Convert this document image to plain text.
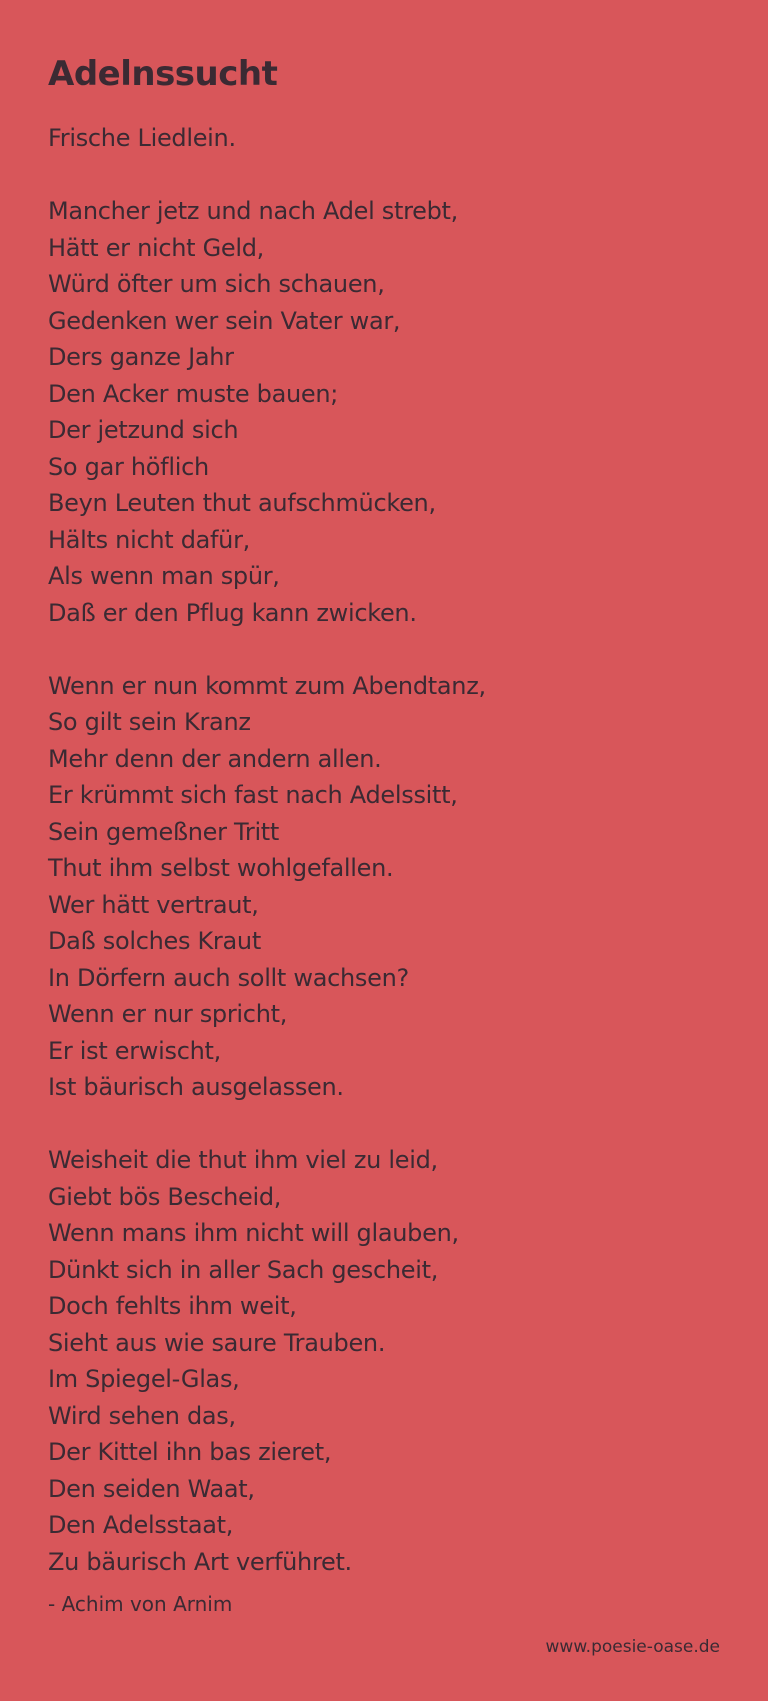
Adelnssucht
Frische Liedlein.
Mancher jetz und nach Adel strebt,
Hätt er nicht Geld,
Würd öfter um sich schauen,
Gedenken wer sein Vater war,
Ders ganze Jahr
Den Acker muste bauen;
Der jetzund sich
So gar höflich
Beyn Leuten thut aufschmücken,
Hälts nicht dafür,
Als wenn man spür,
Daß er den Pflug kann zwicken.
Wenn er nun kommt zum Abendtanz,
So gilt sein Kranz
Mehr denn der andern allen.
Er krümmt sich fast nach Adelssitt,
Sein gemeßner Tritt
Thut ihm selbst wohlgefallen.
Wer hätt vertraut,
Daß solches Kraut
In Dörfern auch sollt wachsen?
Wenn er nur spricht,
Er ist erwischt,
Ist bäurisch ausgelassen.
Weisheit die thut ihm viel zu leid,
Giebt bös Bescheid,
Wenn mans ihm nicht will glauben,
Dünkt sich in aller Sach gescheit,
Doch fehlts ihm weit,
Sieht aus wie saure Trauben.
Im Spiegel-Glas,
Wird sehen das,
Der Kittel ihn bas zieret,
Den seiden Waat,
Den Adelsstaat,
Zu bäurisch Art verführet.
- Achim von Arnim
www.poesie-oase.de
